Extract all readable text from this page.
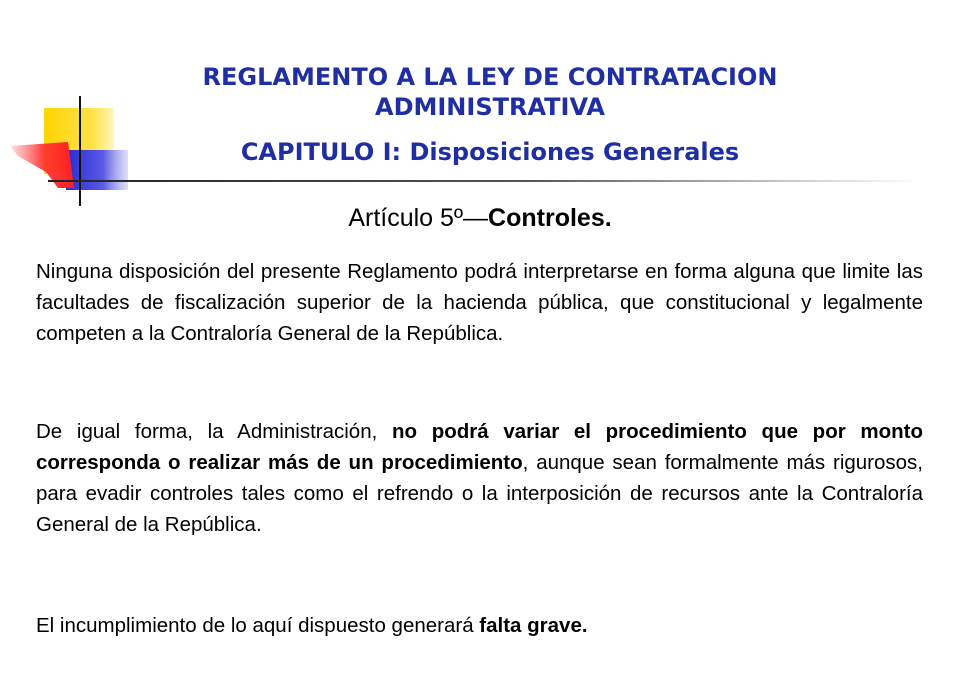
REGLAMENTO A LA LEY DE CONTRATACION
ADMINISTRATIVA
CAPITULO I: Disposiciones Generales
Artículo 5º—Controles.

Ninguna disposición del presente Reglamento podrá interpretarse en forma alguna que limite las facultades de fiscalización superior de la hacienda pública, que constitucional y legalmente competen a la Contraloría General de la República.

De igual forma, la Administración, no podrá variar el procedimiento que por monto corresponda o realizar más de un procedimiento, aunque sean formalmente más rigurosos, para evadir controles tales como el refrendo o la interposición de recursos ante la Contraloría General de la República.

El incumplimiento de lo aquí dispuesto generará falta grave.
